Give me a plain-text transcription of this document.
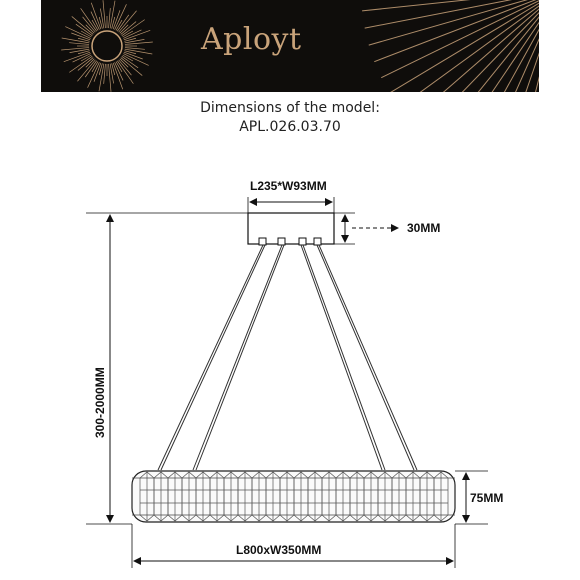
Aployt
Dimensions of the model:
APL.026.03.70
L235*W93MM
30MM
300-2000MM
75MM
L800xW350MM
